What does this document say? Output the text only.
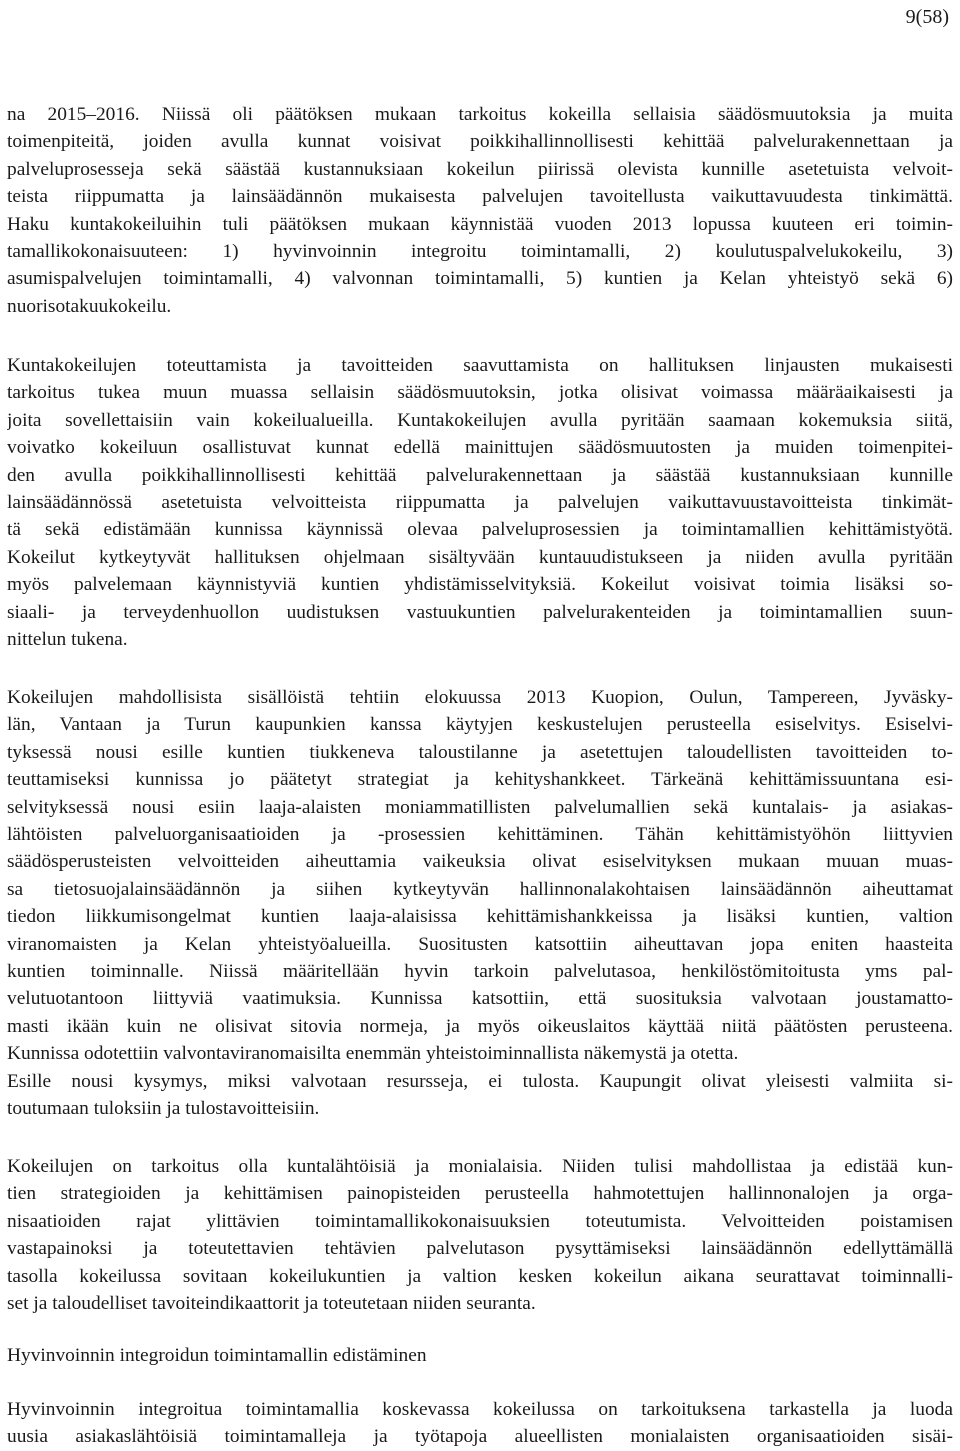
9(58)

na 2015–2016. Niissä oli päätöksen mukaan tarkoitus kokeilla sellaisia säädösmuutoksia ja muita
toimenpiteitä, joiden avulla kunnat voisivat poikkihallinnollisesti kehittää palvelurakennettaan ja
palveluprosesseja sekä säästää kustannuksiaan kokeilun piirissä olevista kunnille asetetuista velvoit-
teista riippumatta ja lainsäädännön mukaisesta palvelujen tavoitellusta vaikuttavuudesta tinkimättä.
Haku kuntakokeiluihin tuli päätöksen mukaan käynnistää vuoden 2013 lopussa kuuteen eri toimin-
tamallikokonaisuuteen: 1) hyvinvoinnin integroitu toimintamalli, 2) koulutuspalvelukokeilu, 3)
asumispalvelujen toimintamalli, 4) valvonnan toimintamalli, 5) kuntien ja Kelan yhteistyö sekä 6)
nuorisotakuukokeilu.

Kuntakokeilujen toteuttamista ja tavoitteiden saavuttamista on hallituksen linjausten mukaisesti
tarkoitus tukea muun muassa sellaisin säädösmuutoksin, jotka olisivat voimassa määräaikaisesti ja
joita sovellettaisiin vain kokeilualueilla. Kuntakokeilujen avulla pyritään saamaan kokemuksia siitä,
voivatko kokeiluun osallistuvat kunnat edellä mainittujen säädösmuutosten ja muiden toimenpitei-
den avulla poikkihallinnollisesti kehittää palvelurakennettaan ja säästää kustannuksiaan kunnille
lainsäädännössä asetetuista velvoitteista riippumatta ja palvelujen vaikuttavuustavoitteista tinkimät-
tä sekä edistämään kunnissa käynnissä olevaa palveluprosessien ja toimintamallien kehittämistyötä.
Kokeilut kytkeytyvät hallituksen ohjelmaan sisältyvään kuntauudistukseen ja niiden avulla pyritään
myös palvelemaan käynnistyviä kuntien yhdistämisselvityksiä. Kokeilut voisivat toimia lisäksi so-
siaali- ja terveydenhuollon uudistuksen vastuukuntien palvelurakenteiden ja toimintamallien suun-
nittelun tukena.

Kokeilujen mahdollisista sisällöistä tehtiin elokuussa 2013 Kuopion, Oulun, Tampereen, Jyväsky-
län, Vantaan ja Turun kaupunkien kanssa käytyjen keskustelujen perusteella esiselvitys. Esiselvi-
tyksessä nousi esille kuntien tiukkeneva taloustilanne ja asetettujen taloudellisten tavoitteiden to-
teuttamiseksi kunnissa jo päätetyt strategiat ja kehityshankkeet. Tärkeänä kehittämissuuntana esi-
selvityksessä nousi esiin laaja-alaisten moniammatillisten palvelumallien sekä kuntalais- ja asiakas-
lähtöisten palveluorganisaatioiden ja -prosessien kehittäminen. Tähän kehittämistyöhön liittyvien
säädösperusteisten velvoitteiden aiheuttamia vaikeuksia olivat esiselvityksen mukaan muuan muas-
sa tietosuojalainsäädännön ja siihen kytkeytyvän hallinnonalakohtaisen lainsäädännön aiheuttamat
tiedon liikkumisongelmat kuntien laaja-alaisissa kehittämishankkeissa ja lisäksi kuntien, valtion
viranomaisten ja Kelan yhteistyöalueilla. Suositusten katsottiin aiheuttavan jopa eniten haasteita
kuntien toiminnalle. Niissä määritellään hyvin tarkoin palvelutasoa, henkilöstömitoitusta yms pal-
velutuotantoon liittyviä vaatimuksia. Kunnissa katsottiin, että suosituksia valvotaan joustamatto-
masti ikään kuin ne olisivat sitovia normeja, ja myös oikeuslaitos käyttää niitä päätösten perusteena.
Kunnissa odotettiin valvontaviranomaisilta enemmän yhteistoiminnallista näkemystä ja otetta.
Esille nousi kysymys, miksi valvotaan resursseja, ei tulosta. Kaupungit olivat yleisesti valmiita si-
toutumaan tuloksiin ja tulostavoitteisiin.

Kokeilujen on tarkoitus olla kuntalähtöisiä ja monialaisia. Niiden tulisi mahdollistaa ja edistää kun-
tien strategioiden ja kehittämisen painopisteiden perusteella hahmotettujen hallinnonalojen ja orga-
nisaatioiden rajat ylittävien toimintamallikokonaisuuksien toteutumista. Velvoitteiden poistamisen
vastapainoksi ja toteutettavien tehtävien palvelutason pysyttämiseksi lainsäädännön edellyttämällä
tasolla kokeilussa sovitaan kokeilukuntien ja valtion kesken kokeilun aikana seurattavat toiminnalli-
set ja taloudelliset tavoiteindikaattorit ja toteutetaan niiden seuranta.

Hyvinvoinnin integroidun toimintamallin edistäminen

Hyvinvoinnin integroitua toimintamallia koskevassa kokeilussa on tarkoituksena tarkastella ja luoda
uusia asiakaslähtöisiä toimintamalleja ja työtapoja alueellisten monialaisten organisaatioiden sisäi-
